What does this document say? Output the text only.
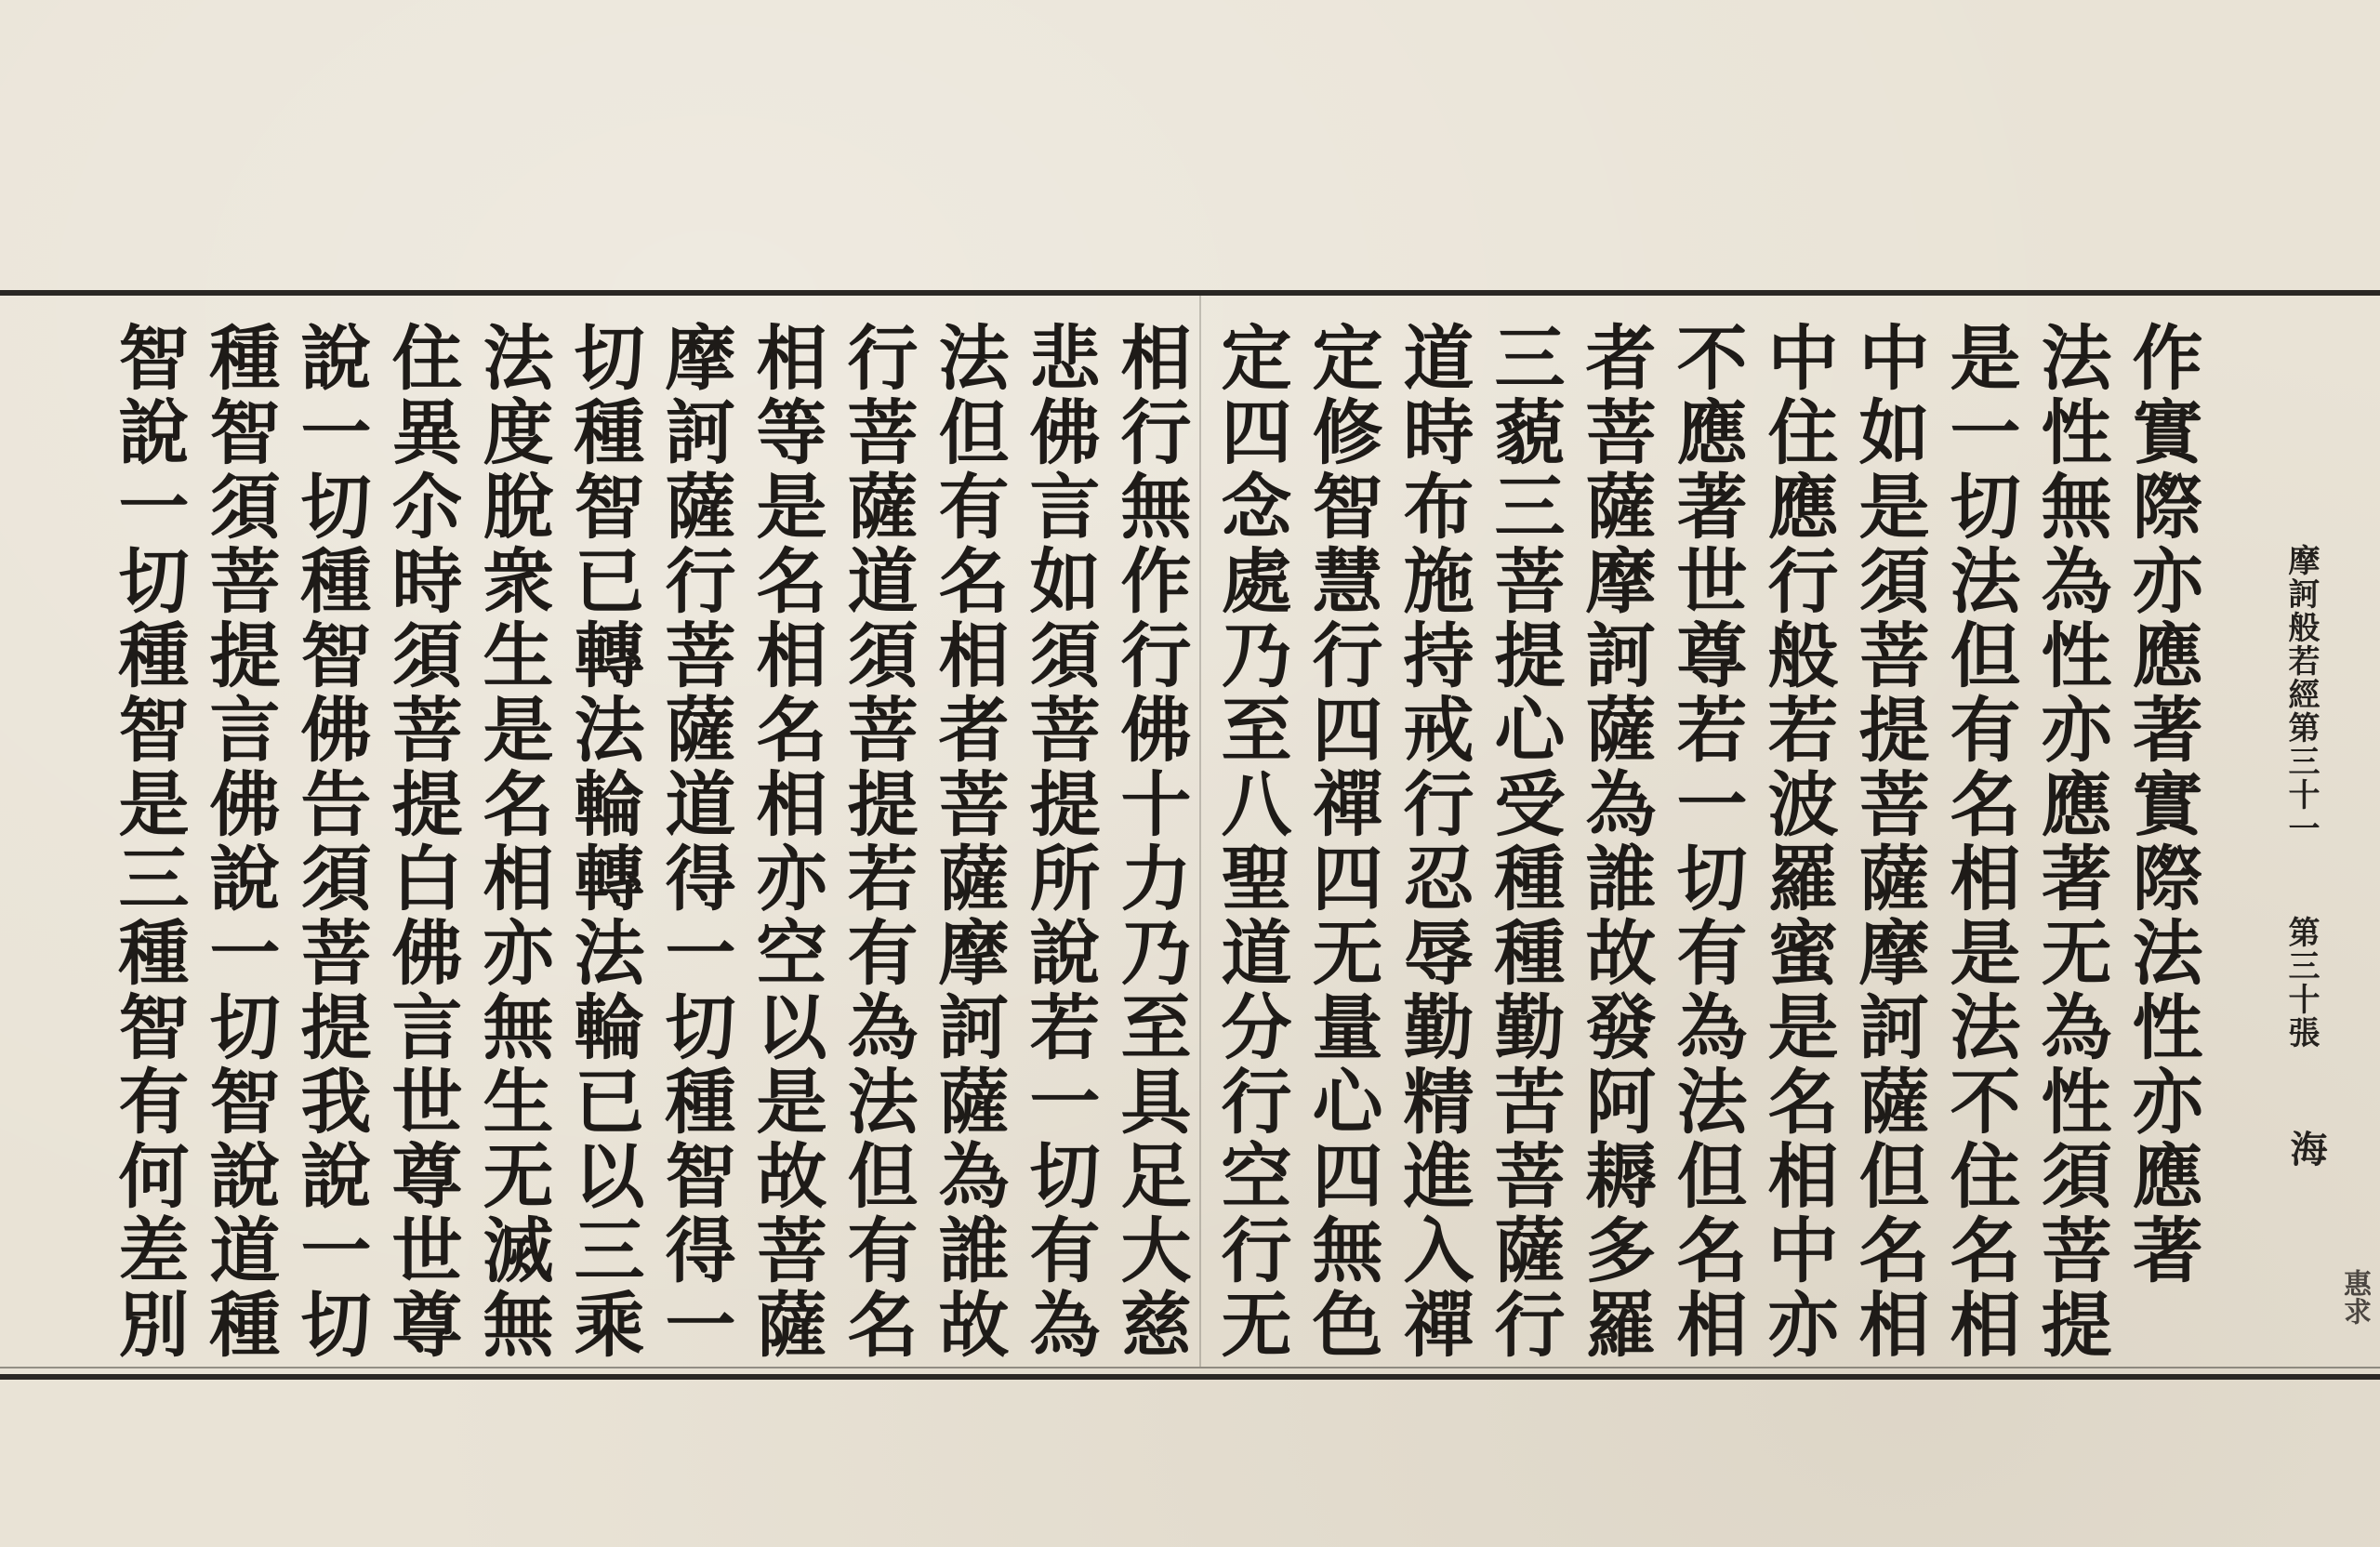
摩訶般若經第三十一
第三十張
海
惠求
作實際亦應著實際法性亦應著
法性無為性亦應著无為性須菩提
是一切法但有名相是法不住名相
中如是須菩提菩薩摩訶薩但名相
中住應行般若波羅蜜是名相中亦
不應著世尊若一切有為法但名相
者菩薩摩訶薩為誰故發阿耨多羅
三藐三菩提心受種種勤苦菩薩行
道時布施持戒行忍辱勤精進入禪
定修智慧行四禪四无量心四無色
定四念處乃至八聖道分行空行无
相行無作行佛十力乃至具足大慈
悲佛言如須菩提所說若一切有為
法但有名相者菩薩摩訶薩為誰故
行菩薩道須菩提若有為法但有名
相等是名相名相亦空以是故菩薩
摩訶薩行菩薩道得一切種智得一
切種智已轉法輪轉法輪已以三乘
法度脫衆生是名相亦無生无滅無
住異尒時須菩提白佛言世尊世尊
說一切種智佛告須菩提我說一切
種智須菩提言佛說一切智說道種
智說一切種智是三種智有何差別
